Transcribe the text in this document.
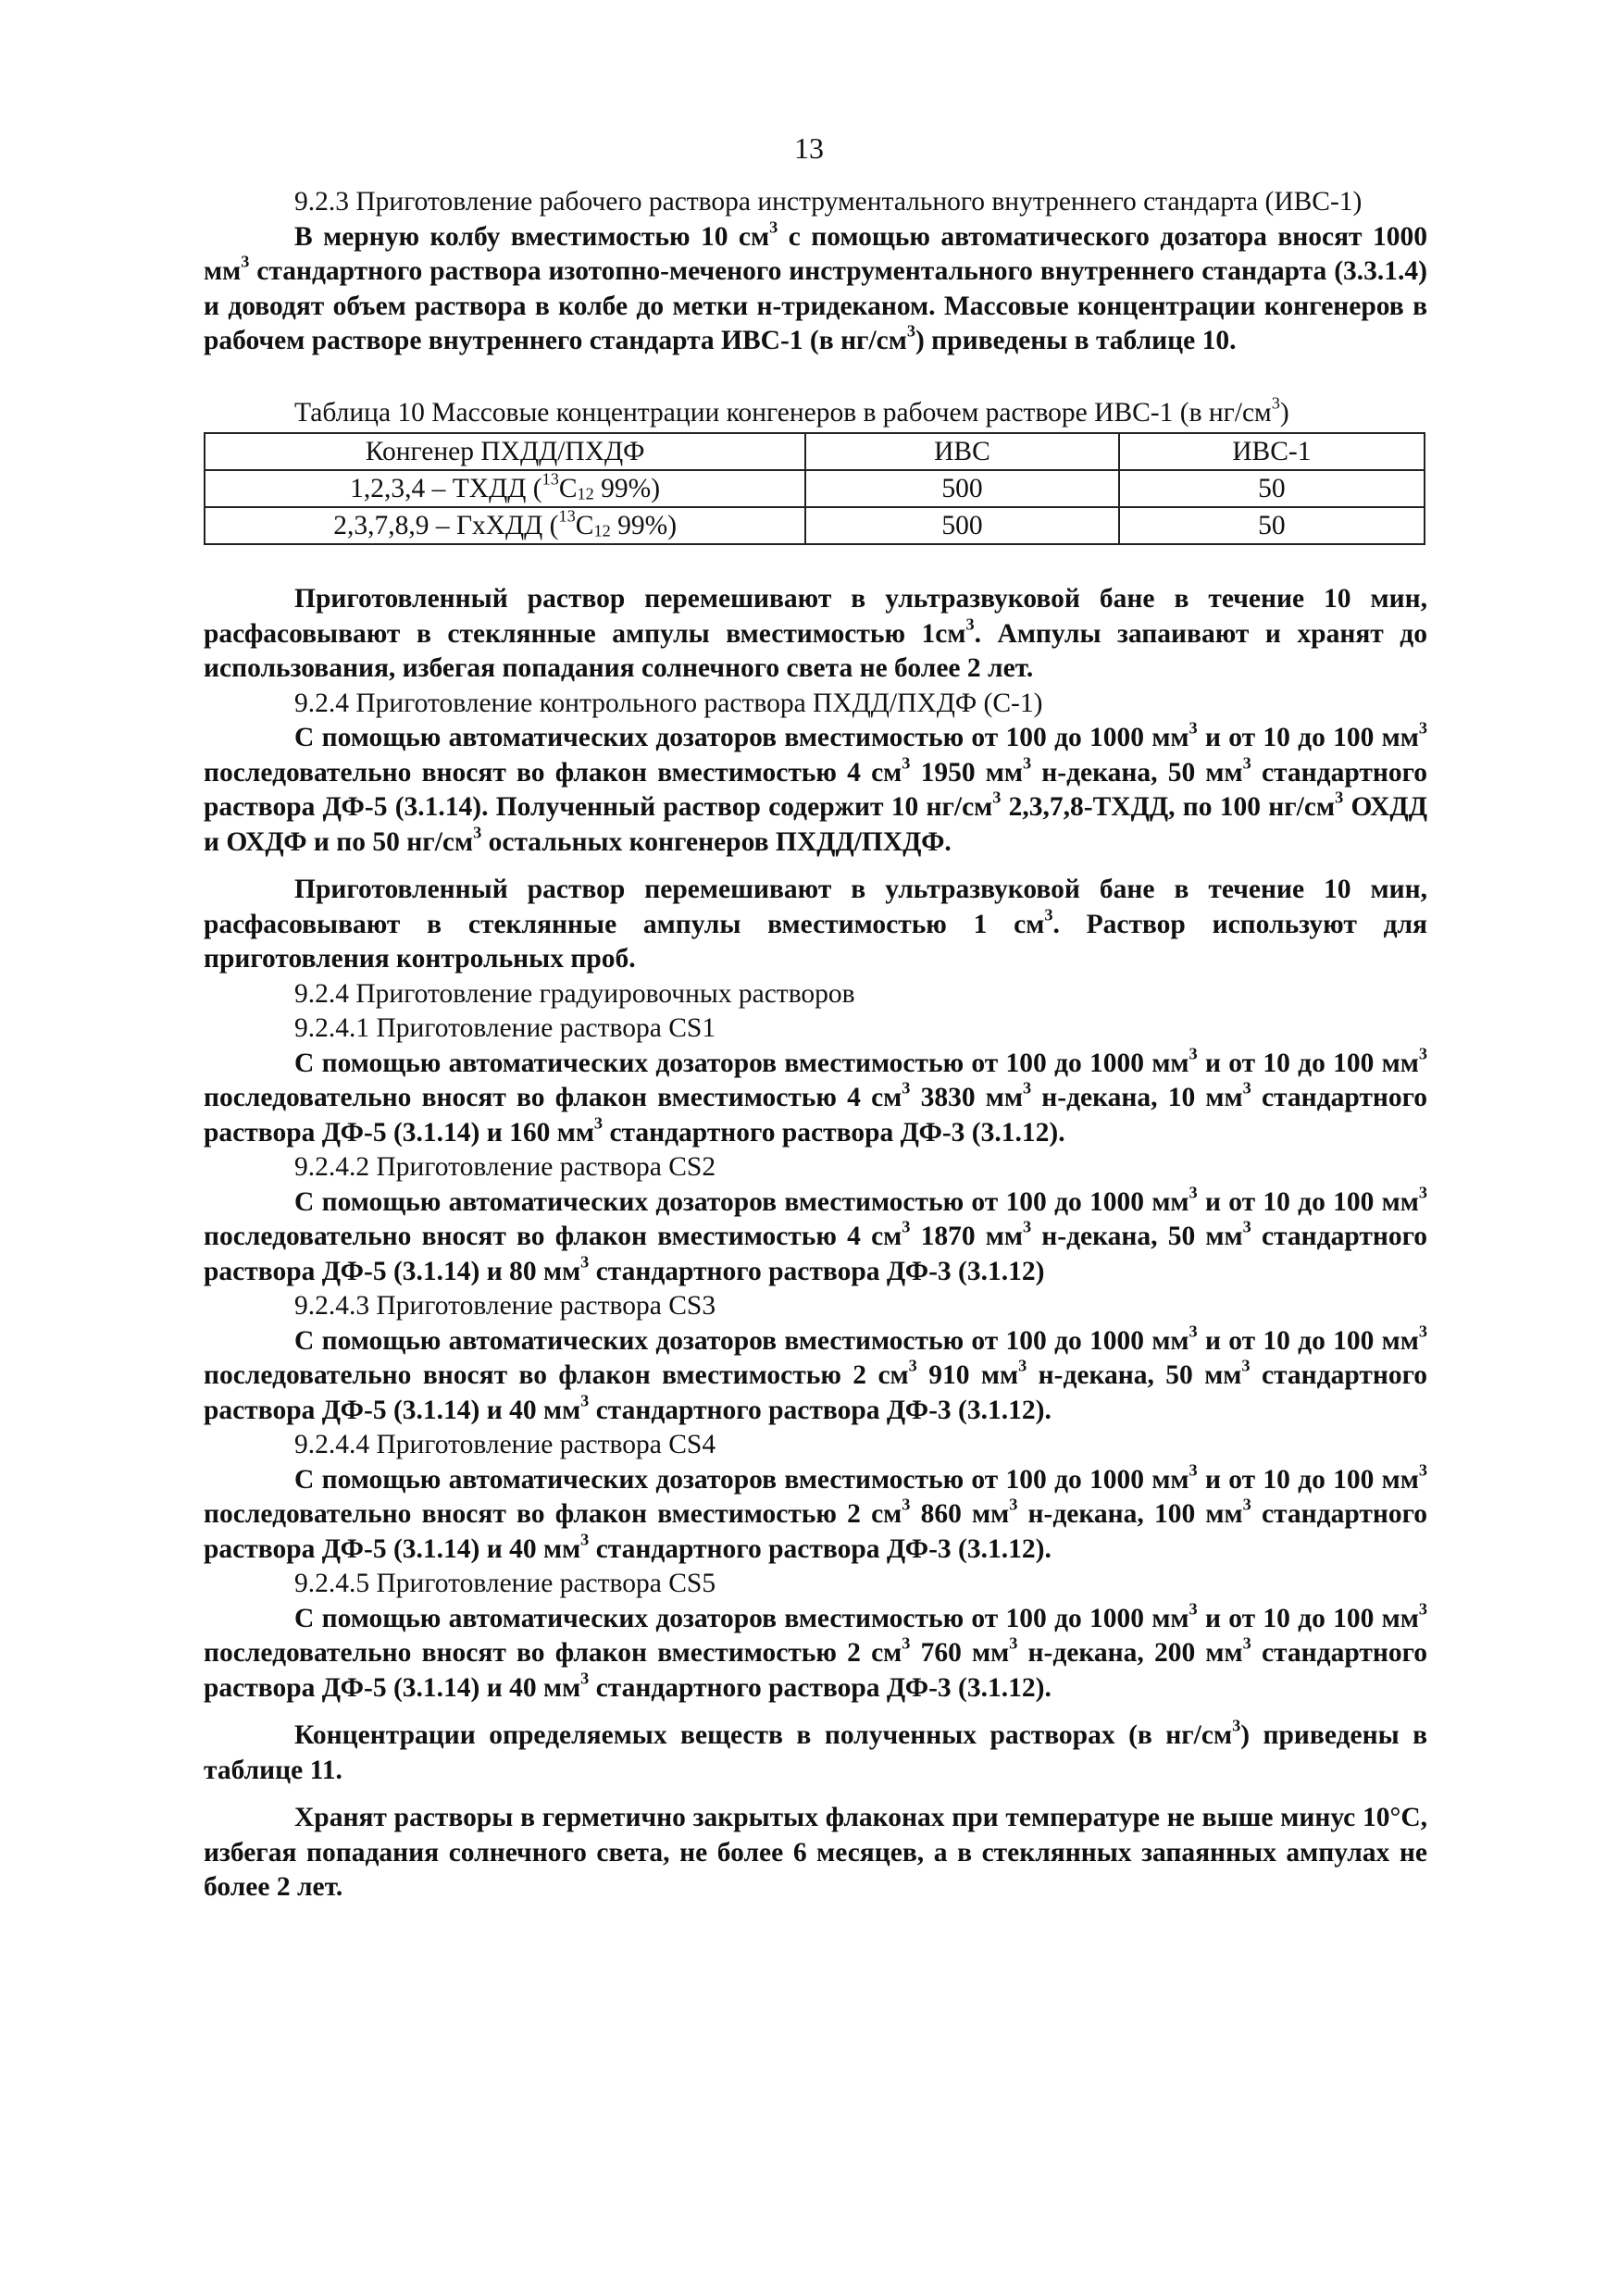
13

9.2.3 Приготовление рабочего раствора инструментального внутреннего стандарта (ИВС-1)

В мерную колбу вместимостью 10 $см^3$ с помощью автоматического дозатора вносят 1000 $мм^3$ стандартного раствора изотопно-меченого инструментального внутреннего стандарта (3.3.1.4) и доводят объем раствора в колбе до метки н-тридеканом. Массовые концентрации конгенеров в рабочем растворе внутреннего стандарта ИВС-1 (в $нг/см^3$) приведены в таблице 10.

Таблица 10 Массовые концентрации конгенеров в рабочем растворе ИВС-1 (в $нг/см^3$)

Конгенер ПХДД/ПХДФ	ИВС	ИВС-1
1,2,3,4 – ТХДД ($^{13}C_{12}$ 99%)	500	50
2,3,7,8,9 – ГхХДД ($^{13}C_{12}$ 99%)	500	50

Приготовленный раствор перемешивают в ультразвуковой бане в течение 10 мин, расфасовывают в стеклянные ампулы вместимостью $1см^3$. Ампулы запаивают и хранят до использования, избегая попадания солнечного света не более 2 лет.

9.2.4 Приготовление контрольного раствора ПХДД/ПХДФ (С-1)

С помощью автоматических дозаторов вместимостью от 100 до 1000 $мм^3$ и от 10 до 100 $мм^3$ последовательно вносят во флакон вместимостью 4 $см^3$ 1950 $мм^3$ н-декана, 50 $мм^3$ стандартного раствора ДФ-5 (3.1.14). Полученный раствор содержит 10 $нг/см^3$ 2,3,7,8-ТХДД, по 100 $нг/см^3$ ОХДД и ОХДФ и по 50 $нг/см^3$ остальных конгенеров ПХДД/ПХДФ.

Приготовленный раствор перемешивают в ультразвуковой бане в течение 10 мин, расфасовывают в стеклянные ампулы вместимостью 1 $см^3$. Раствор используют для приготовления контрольных проб.

9.2.4 Приготовление градуировочных растворов

9.2.4.1 Приготовление раствора CS1

С помощью автоматических дозаторов вместимостью от 100 до 1000 $мм^3$ и от 10 до 100 $мм^3$ последовательно вносят во флакон вместимостью 4 $см^3$ 3830 $мм^3$ н-декана, 10 $мм^3$ стандартного раствора ДФ-5 (3.1.14) и 160 $мм^3$ стандартного раствора ДФ-3 (3.1.12).

9.2.4.2 Приготовление раствора CS2

С помощью автоматических дозаторов вместимостью от 100 до 1000 $мм^3$ и от 10 до 100 $мм^3$ последовательно вносят во флакон вместимостью 4 $см^3$ 1870 $мм^3$ н-декана, 50 $мм^3$ стандартного раствора ДФ-5 (3.1.14) и 80 $мм^3$ стандартного раствора ДФ-3 (3.1.12)

9.2.4.3 Приготовление раствора CS3

С помощью автоматических дозаторов вместимостью от 100 до 1000 $мм^3$ и от 10 до 100 $мм^3$ последовательно вносят во флакон вместимостью 2 $см^3$ 910 $мм^3$ н-декана, 50 $мм^3$ стандартного раствора ДФ-5 (3.1.14) и 40 $мм^3$ стандартного раствора ДФ-3 (3.1.12).

9.2.4.4 Приготовление раствора CS4

С помощью автоматических дозаторов вместимостью от 100 до 1000 $мм^3$ и от 10 до 100 $мм^3$ последовательно вносят во флакон вместимостью 2 $см^3$ 860 $мм^3$ н-декана, 100 $мм^3$ стандартного раствора ДФ-5 (3.1.14) и 40 $мм^3$ стандартного раствора ДФ-3 (3.1.12).

9.2.4.5 Приготовление раствора CS5

С помощью автоматических дозаторов вместимостью от 100 до 1000 $мм^3$ и от 10 до 100 $мм^3$ последовательно вносят во флакон вместимостью 2 $см^3$ 760 $мм^3$ н-декана, 200 $мм^3$ стандартного раствора ДФ-5 (3.1.14) и 40 $мм^3$ стандартного раствора ДФ-3 (3.1.12).

Концентрации определяемых веществ в полученных растворах (в $нг/см^3$) приведены в таблице 11.

Хранят растворы в герметично закрытых флаконах при температуре не выше минус 10°С, избегая попадания солнечного света, не более 6 месяцев, а в стеклянных запаянных ампулах не более 2 лет.
